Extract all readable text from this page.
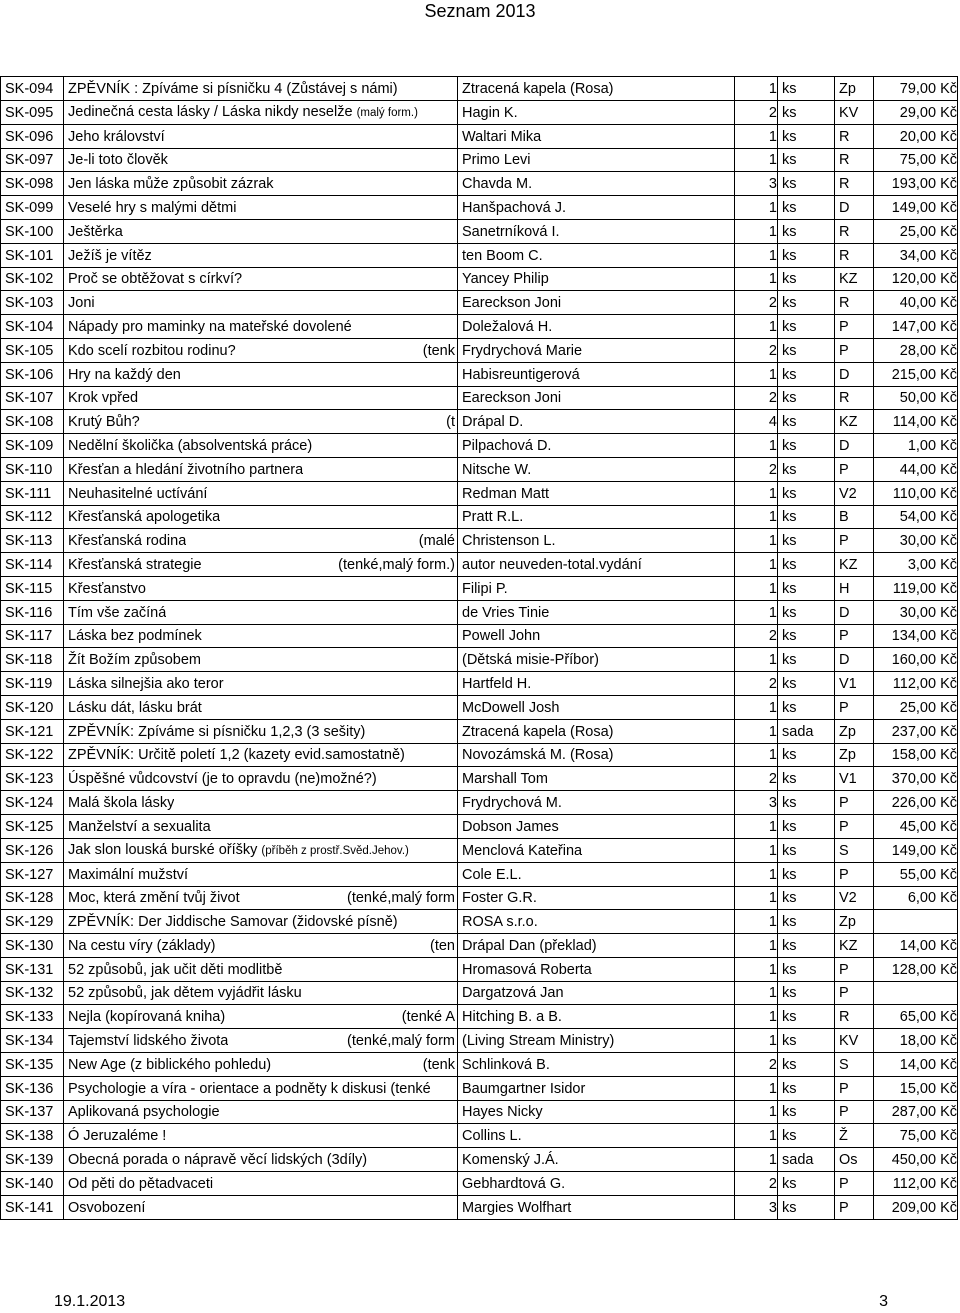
Seznam 2013
SK-094	ZPĚVNÍK : Zpíváme si písničku 4 (Zůstávej s námi)	Ztracená kapela (Rosa)	1	ks	Zp	79,00 Kč
SK-095	Jedinečná cesta lásky / Láska nikdy neselže (malý form.)	Hagin K.	2	ks	KV	29,00 Kč
SK-096	Jeho království	Waltari Mika	1	ks	R	20,00 Kč
SK-097	Je-li toto člověk	Primo Levi	1	ks	R	75,00 Kč
SK-098	Jen láska může způsobit zázrak	Chavda M.	3	ks	R	193,00 Kč
SK-099	Veselé hry s malými dětmi	Hanšpachová J.	1	ks	D	149,00 Kč
SK-100	Ještěrka	Sanetrníková I.	1	ks	R	25,00 Kč
SK-101	Ježíš je vítěz	ten Boom C.	1	ks	R	34,00 Kč
SK-102	Proč se obtěžovat s církví?	Yancey Philip	1	ks	KZ	120,00 Kč
SK-103	Joni	Eareckson Joni	2	ks	R	40,00 Kč
SK-104	Nápady pro maminky na mateřské dovolené	Doležalová H.	1	ks	P	147,00 Kč
SK-105	Kdo scelí rozbitou rodinu? (tenk	Frydrychová Marie	2	ks	P	28,00 Kč
SK-106	Hry na každý den	Habisreuntigerová	1	ks	D	215,00 Kč
SK-107	Krok vpřed	Eareckson Joni	2	ks	R	50,00 Kč
SK-108	Krutý Bůh? (t	Drápal D.	4	ks	KZ	114,00 Kč
SK-109	Nedělní školička (absolventská práce)	Pilpachová D.	1	ks	D	1,00 Kč
SK-110	Křesťan a hledání životního partnera	Nitsche W.	2	ks	P	44,00 Kč
SK-111	Neuhasitelné uctívání	Redman Matt	1	ks	V2	110,00 Kč
SK-112	Křesťanská apologetika	Pratt R.L.	1	ks	B	54,00 Kč
SK-113	Křesťanská rodina (malé	Christenson L.	1	ks	P	30,00 Kč
SK-114	Křesťanská strategie (tenké,malý form.)	autor neuveden-total.vydání	1	ks	KZ	3,00 Kč
SK-115	Křesťanstvo	Filipi P.	1	ks	H	119,00 Kč
SK-116	Tím vše začíná	de Vries Tinie	1	ks	D	30,00 Kč
SK-117	Láska bez podmínek	Powell John	2	ks	P	134,00 Kč
SK-118	Žít Božím způsobem	(Dětská misie-Příbor)	1	ks	D	160,00 Kč
SK-119	Láska silnejšia ako teror	Hartfeld H.	2	ks	V1	112,00 Kč
SK-120	Lásku dát, lásku brát	McDowell Josh	1	ks	P	25,00 Kč
SK-121	ZPĚVNÍK: Zpíváme si písničku 1,2,3 (3 sešity)	Ztracená kapela (Rosa)	1	sada	Zp	237,00 Kč
SK-122	ZPĚVNÍK: Určitě poletí 1,2 (kazety evid.samostatně)	Novozámská M. (Rosa)	1	ks	Zp	158,00 Kč
SK-123	Úspěšné vůdcovství (je to opravdu (ne)možné?)	Marshall Tom	2	ks	V1	370,00 Kč
SK-124	Malá škola lásky	Frydrychová M.	3	ks	P	226,00 Kč
SK-125	Manželství a sexualita	Dobson James	1	ks	P	45,00 Kč
SK-126	Jak slon louská burské oříšky (příběh z prostř.Svěd.Jehov.)	Menclová Kateřina	1	ks	S	149,00 Kč
SK-127	Maximální mužství	Cole E.L.	1	ks	P	55,00 Kč
SK-128	Moc, která změní tvůj život (tenké,malý form	Foster G.R.	1	ks	V2	6,00 Kč
SK-129	ZPĚVNÍK: Der Jiddische Samovar (židovské písně)	ROSA s.r.o.	1	ks	Zp	
SK-130	Na cestu víry (základy) (ten	Drápal Dan (překlad)	1	ks	KZ	14,00 Kč
SK-131	52 způsobů, jak učit děti modlitbě	Hromasová Roberta	1	ks	P	128,00 Kč
SK-132	52 způsobů, jak dětem vyjádřit lásku	Dargatzová Jan	1	ks	P	
SK-133	Nejla (kopírovaná kniha) (tenké A	Hitching B. a B.	1	ks	R	65,00 Kč
SK-134	Tajemství lidského života (tenké,malý form	(Living Stream Ministry)	1	ks	KV	18,00 Kč
SK-135	New Age (z biblického pohledu) (tenk	Schlinková B.	2	ks	S	14,00 Kč
SK-136	Psychologie a víra - orientace a podněty k diskusi (tenké	Baumgartner Isidor	1	ks	P	15,00 Kč
SK-137	Aplikovaná psychologie	Hayes Nicky	1	ks	P	287,00 Kč
SK-138	Ó Jeruzaléme !	Collins L.	1	ks	Ž	75,00 Kč
SK-139	Obecná porada o nápravě věcí lidských (3díly)	Komenský J.Á.	1	sada	Os	450,00 Kč
SK-140	Od pěti do pětadvaceti	Gebhardtová G.	2	ks	P	112,00 Kč
SK-141	Osvobození	Margies Wolfhart	3	ks	P	209,00 Kč
19.1.2013	3
